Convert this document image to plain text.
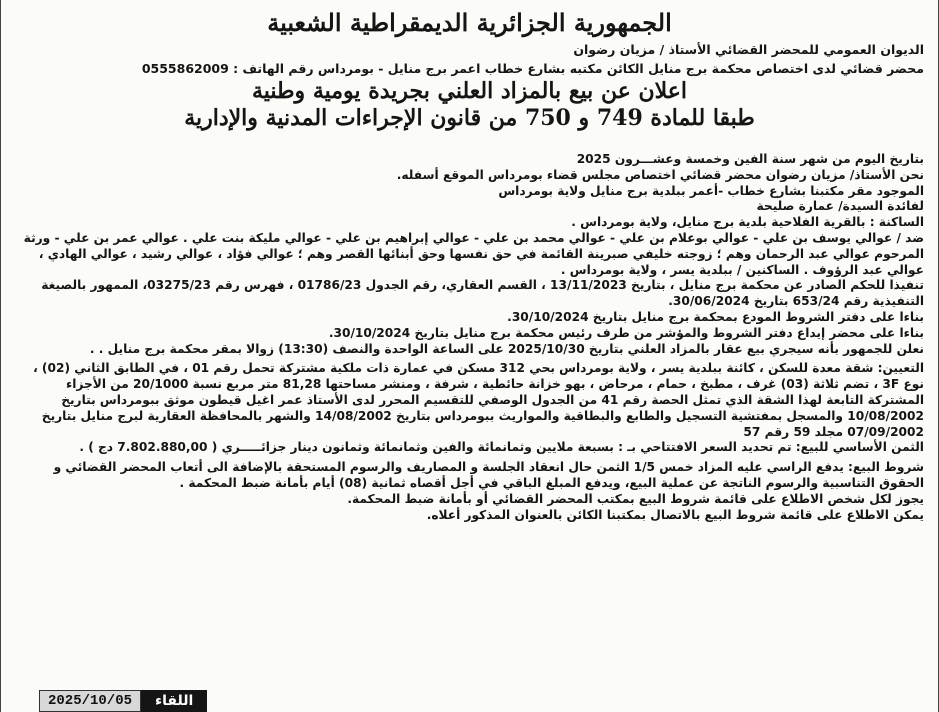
الجمهورية الجزائرية الديمقراطية الشعبية
الديوان العمومي للمحضر القضائي الأستاذ / مزيان رضوان
محضر قضائي لدى اختصاص محكمة برج منايل الكائن مكتبه بشارع خطاب اعمر برج منايل - بومرداس رقم الهاتف : 0555862009
اعلان عن بيع بالمزاد العلني بجريدة يومية وطنية
طبقا للمادة 749 و 750 من قانون الإجراءات المدنية والإدارية

بتاريخ اليوم من شهر سنة الفين وخمسة وعشـــرون 2025

نحن الأستاذ/ مزيان رضوان محضر قضائي اختصاص مجلس قضاء بومرداس الموقع أسفله.

الموجود مقر مكتبنا بشارع خطاب -أعمر ببلدية برج منايل ولاية بومرداس

لفائدة السيدة/ عمارة صليحة

الساكنة : بالقرية الفلاحية بلدية برج منايل، ولاية بومرداس .

ضد / عوالي يوسف بن علي - عوالي بوعلام بن علي - عوالي محمد بن علي - عوالي إبراهيم بن علي - عوالي مليكة بنت علي . عوالي عمر بن علي - ورثة المرحوم عوالي عبد الرحمان وهم ؛ زوجته خليفي صبرينة القائمة في حق نفسها وحق أبنائها القصر وهم ؛ عوالي فؤاد ، عوالي رشيد ، عوالي الهادي ، عوالي عبد الرؤوف . الساكنين / ببلدية يسر ، ولاية بومرداس .

تنفيذا للحكم الصادر عن محكمة برج منايل ، بتاريخ 13/11/2023 ، القسم العقاري، رقم الجدول 01786/23 ، فهرس رقم 03275/23، الممهور بالصيغة التنفيذية رقم 653/24 بتاريخ 30/06/2024.

بناءا على دفتر الشروط المودع بمحكمة برج منايل بتاريخ 30/10/2024.

بناءا على محضر إيداع دفتر الشروط والمؤشر من طرف رئيس محكمة برج منايل بتاريخ 30/10/2024.

نعلن للجمهور بأنه سيجري بيع عقار بالمزاد العلني بتاريخ 2025/10/30 على الساعة الواحدة والنصف (13:30) زوالا بمقر محكمة برج منايل . .

التعيين: شقة معدة للسكن ، كائنة ببلدية يسر ، ولاية بومرداس بحي 312 مسكن في عمارة ذات ملكية مشتركة تحمل رقم 01 ، في الطابق الثاني (02) ، نوع 3F ، تضم ثلاثة (03) غرف ، مطبخ ، حمام ، مرحاض ، بهو خزانة حائطية ، شرفة ، ومنشر مساحتها 81,28 متر مربع نسبة 20/1000 من الأجزاء المشتركة التابعة لهذا الشقة الذي تمثل الحصة رقم 41 من الجدول الوصفي للتقسيم المحرر لدى الأستاذ عمر اغيل قيطون موثق ببومرداس بتاريخ 10/08/2002 والمسجل بمفتشية التسجيل والطابع والبطاقية والمواريث ببومرداس بتاريخ 14/08/2002 والشهر بالمحافظة العقارية لبرج منايل بتاريخ 07/09/2002 مجلد 59 رقم 57

الثمن الأساسي للبيع: تم تحديد السعر الافتتاحي بـ : بسبعة ملايين وثمانمائة والفين وثمانمائة وثمانون دينار جزائـــــري ( 7.802.880,00 دج ) .

شروط البيع: يدفع الراسي عليه المزاد خمس 1/5 الثمن حال انعقاد الجلسة و المصاريف والرسوم المستحقة بالإضافة الى أتعاب المحضر القضائي و الحقوق التناسبية والرسوم الناتجة عن عملية البيع، ويدفع المبلغ الباقي في أجل أقصاه ثمانية (08) أيام بأمانة ضبط المحكمة .

يجوز لكل شخص الاطلاع على قائمة شروط البيع بمكتب المحضر القضائي أو بأمانة ضبط المحكمة.

يمكن الاطلاع على قائمة شروط البيع بالاتصال بمكتبنا الكائن بالعنوان المذكور أعلاه.

2025/10/05	اللقاء
